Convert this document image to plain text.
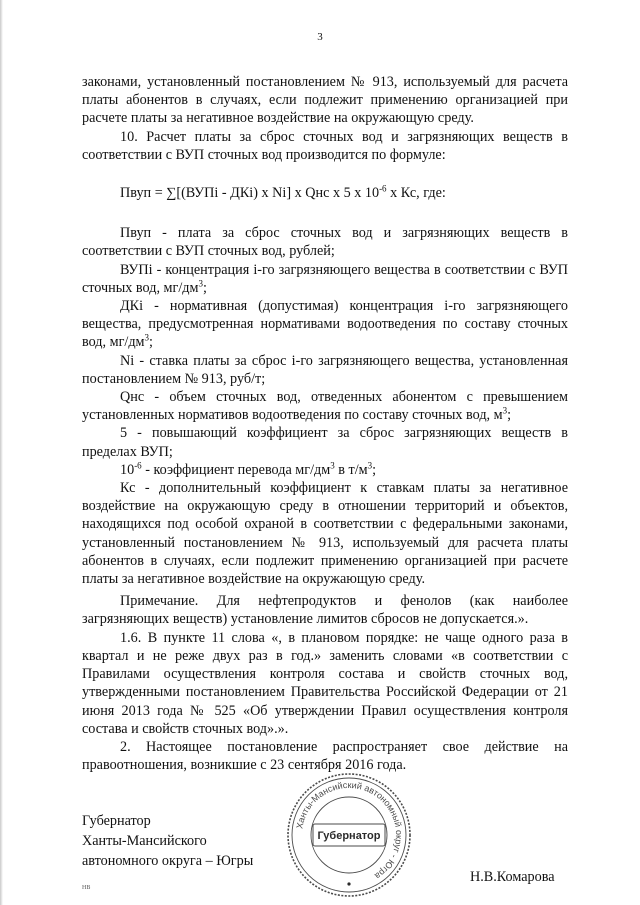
3

законами, установленный постановлением № 913, используемый для расчета платы абонентов в случаях, если подлежит применению организацией при расчете платы за негативное воздействие на окружающую среду.

10. Расчет платы за сброс сточных вод и загрязняющих веществ в соответствии с ВУП сточных вод производится по формуле:

Пвуп = ∑[(ВУПi - ДКi) x Ni] x Qнс x 5 x $10^{-6}$ x Кс, где:

Пвуп - плата за сброс сточных вод и загрязняющих веществ в соответствии с ВУП сточных вод, рублей;

ВУПi - концентрация i-го загрязняющего вещества в соответствии с ВУП сточных вод, $мг/дм^3$;

ДКi - нормативная (допустимая) концентрация i-го загрязняющего вещества, предусмотренная нормативами водоотведения по составу сточных вод, $мг/дм^3$;

Ni - ставка платы за сброс i-го загрязняющего вещества, установленная постановлением № 913, руб/т;

Qнс - объем сточных вод, отведенных абонентом с превышением установленных нормативов водоотведения по составу сточных вод, $м^3$;

5 - повышающий коэффициент за сброс загрязняющих веществ в пределах ВУП;

$10^{-6}$ - коэффициент перевода $мг/дм^3$ в $т/м^3$;

Кс - дополнительный коэффициент к ставкам платы за негативное воздействие на окружающую среду в отношении территорий и объектов, находящихся под особой охраной в соответствии с федеральными законами, установленный постановлением № 913, используемый для расчета платы абонентов в случаях, если подлежит применению организацией при расчете платы за негативное воздействие на окружающую среду.

Примечание. Для нефтепродуктов и фенолов (как наиболее загрязняющих веществ) установление лимитов сбросов не допускается.».

1.6. В пункте 11 слова «, в плановом порядке: не чаще одного раза в квартал и не реже двух раз в год.» заменить словами «в соответствии с Правилами осуществления контроля состава и свойств сточных вод, утвержденными постановлением Правительства Российской Федерации от 21 июня 2013 года № 525 «Об утверждении Правил осуществления контроля состава и свойств сточных вод».».

2. Настоящее постановление распространяет свое действие на правоотношения, возникшие с 23 сентября 2016 года.

Губернатор
Ханты-Мансийского
автономного округа – Югры
Н.В.Комарова
НВ
Ханты-Мансийский автономный округ - Югра
Губернатор
